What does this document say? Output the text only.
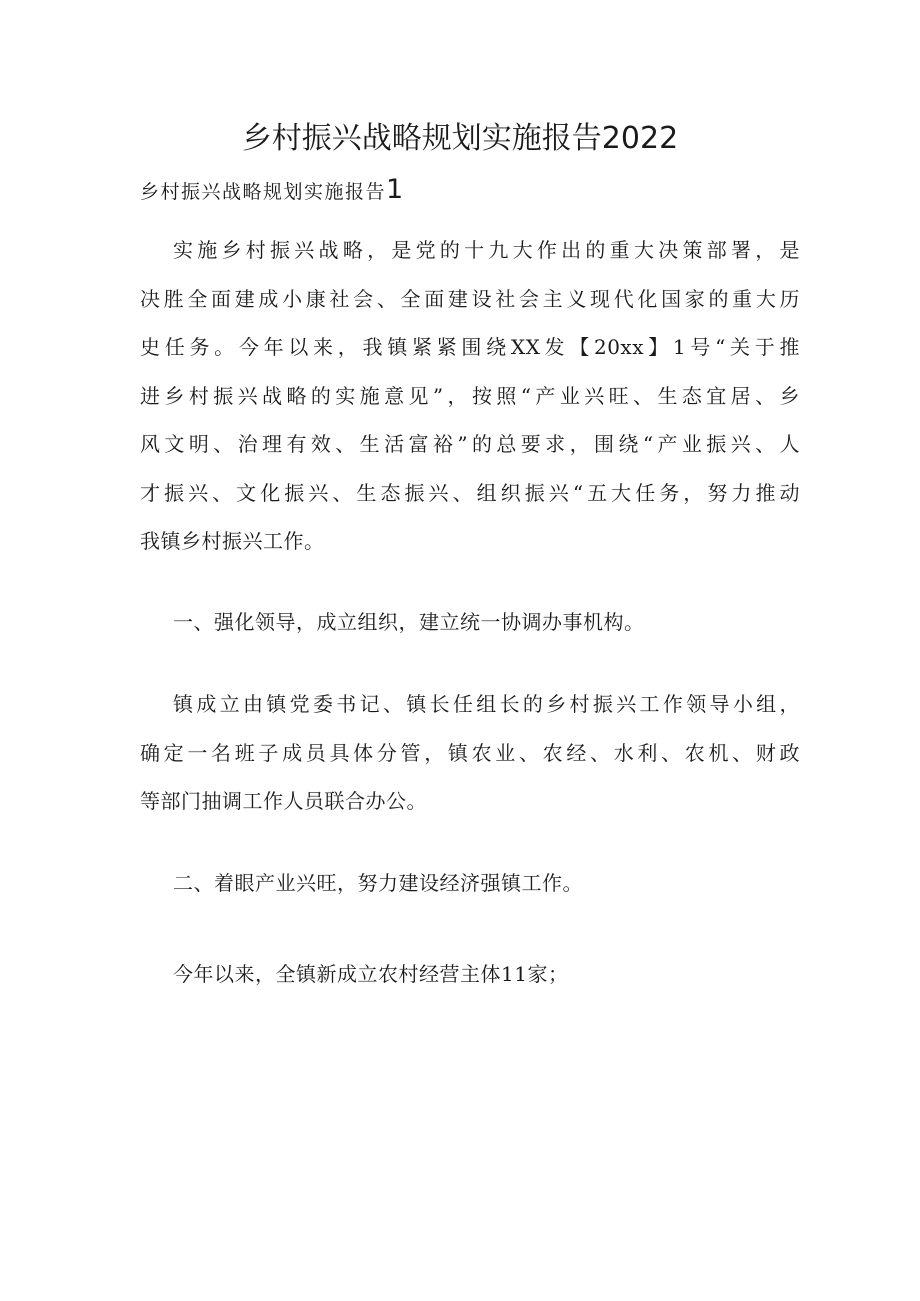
乡村振兴战略规划实施报告2022
乡村振兴战略规划实施报告1
实施乡村振兴战略，是党的十九大作出的重大决策部署，是
决胜全面建成小康社会、全面建设社会主义现代化国家的重大历
史任务。今年以来，我镇紧紧围绕XX发【20xx】1号“关于推
进乡村振兴战略的实施意见”，按照“产业兴旺、生态宜居、乡
风文明、治理有效、生活富裕”的总要求，围绕“产业振兴、人
才振兴、文化振兴、生态振兴、组织振兴“五大任务，努力推动
我镇乡村振兴工作。
一、强化领导，成立组织，建立统一协调办事机构。
镇成立由镇党委书记、镇长任组长的乡村振兴工作领导小组，
确定一名班子成员具体分管，镇农业、农经、水利、农机、财政
等部门抽调工作人员联合办公。
二、着眼产业兴旺，努力建设经济强镇工作。
今年以来，全镇新成立农村经营主体11家；
